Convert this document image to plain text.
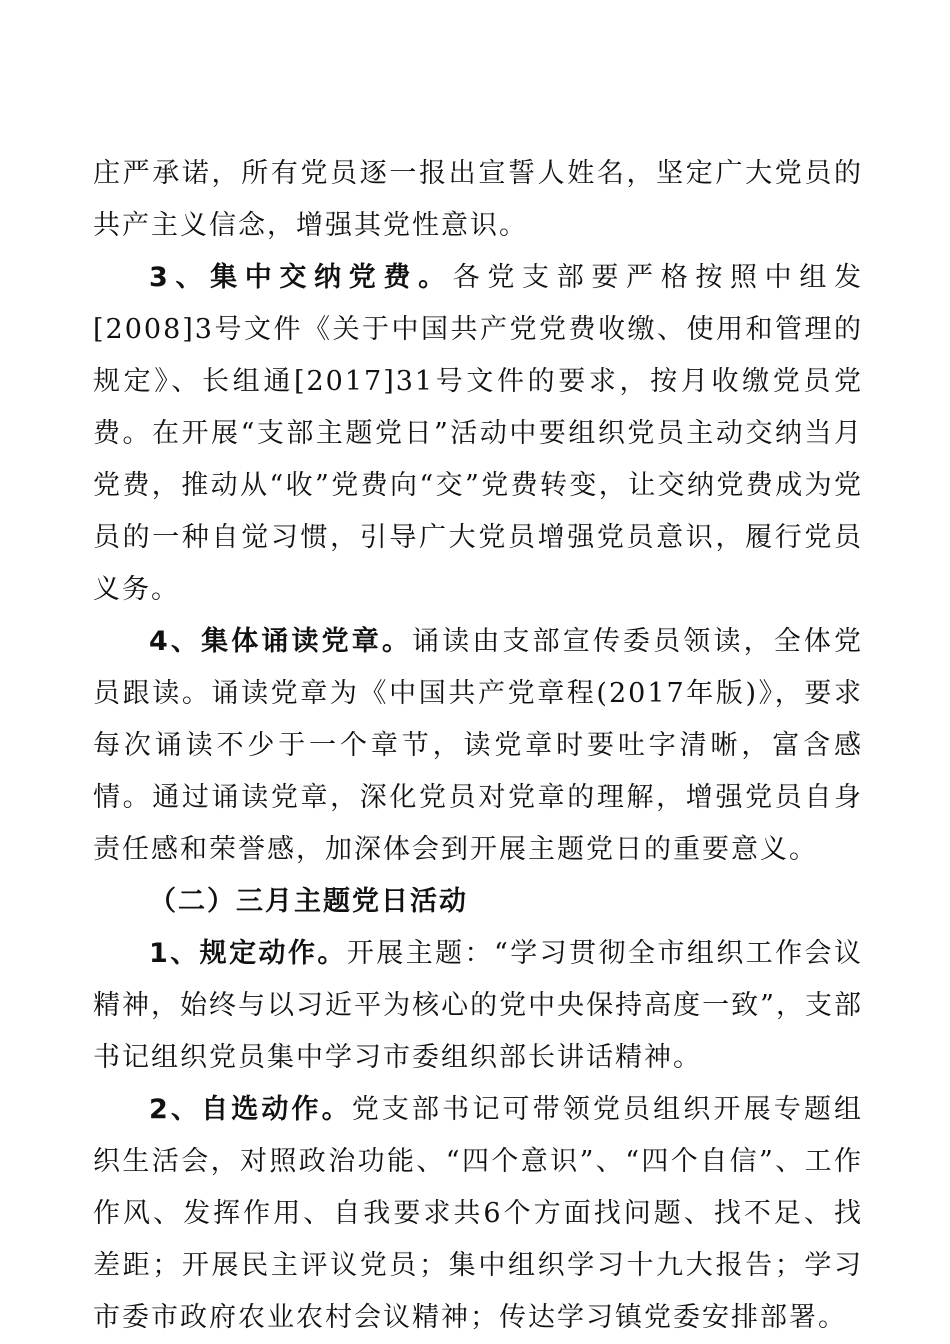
庄严承诺，所有党员逐一报出宣誓人姓名，坚定广大党员的共产主义信念，增强其党性意识。

3、集中交纳党费。各党支部要严格按照中组发[2008]3号文件《关于中国共产党党费收缴、使用和管理的规定》、长组通[2017]31号文件的要求，按月收缴党员党费。在开展“支部主题党日”活动中要组织党员主动交纳当月党费，推动从“收”党费向“交”党费转变，让交纳党费成为党员的一种自觉习惯，引导广大党员增强党员意识，履行党员义务。

4、集体诵读党章。诵读由支部宣传委员领读，全体党员跟读。诵读党章为《中国共产党章程(2017年版)》，要求每次诵读不少于一个章节，读党章时要吐字清晰，富含感情。通过诵读党章，深化党员对党章的理解，增强党员自身责任感和荣誉感，加深体会到开展主题党日的重要意义。

（二）三月主题党日活动

1、规定动作。开展主题：“学习贯彻全市组织工作会议精神，始终与以习近平为核心的党中央保持高度一致”，支部书记组织党员集中学习市委组织部长讲话精神。

2、自选动作。党支部书记可带领党员组织开展专题组织生活会，对照政治功能、“四个意识”、“四个自信”、工作作风、发挥作用、自我要求共6个方面找问题、找不足、找差距；开展民主评议党员；集中组织学习十九大报告；学习市委市政府农业农村会议精神；传达学习镇党委安排部署。
